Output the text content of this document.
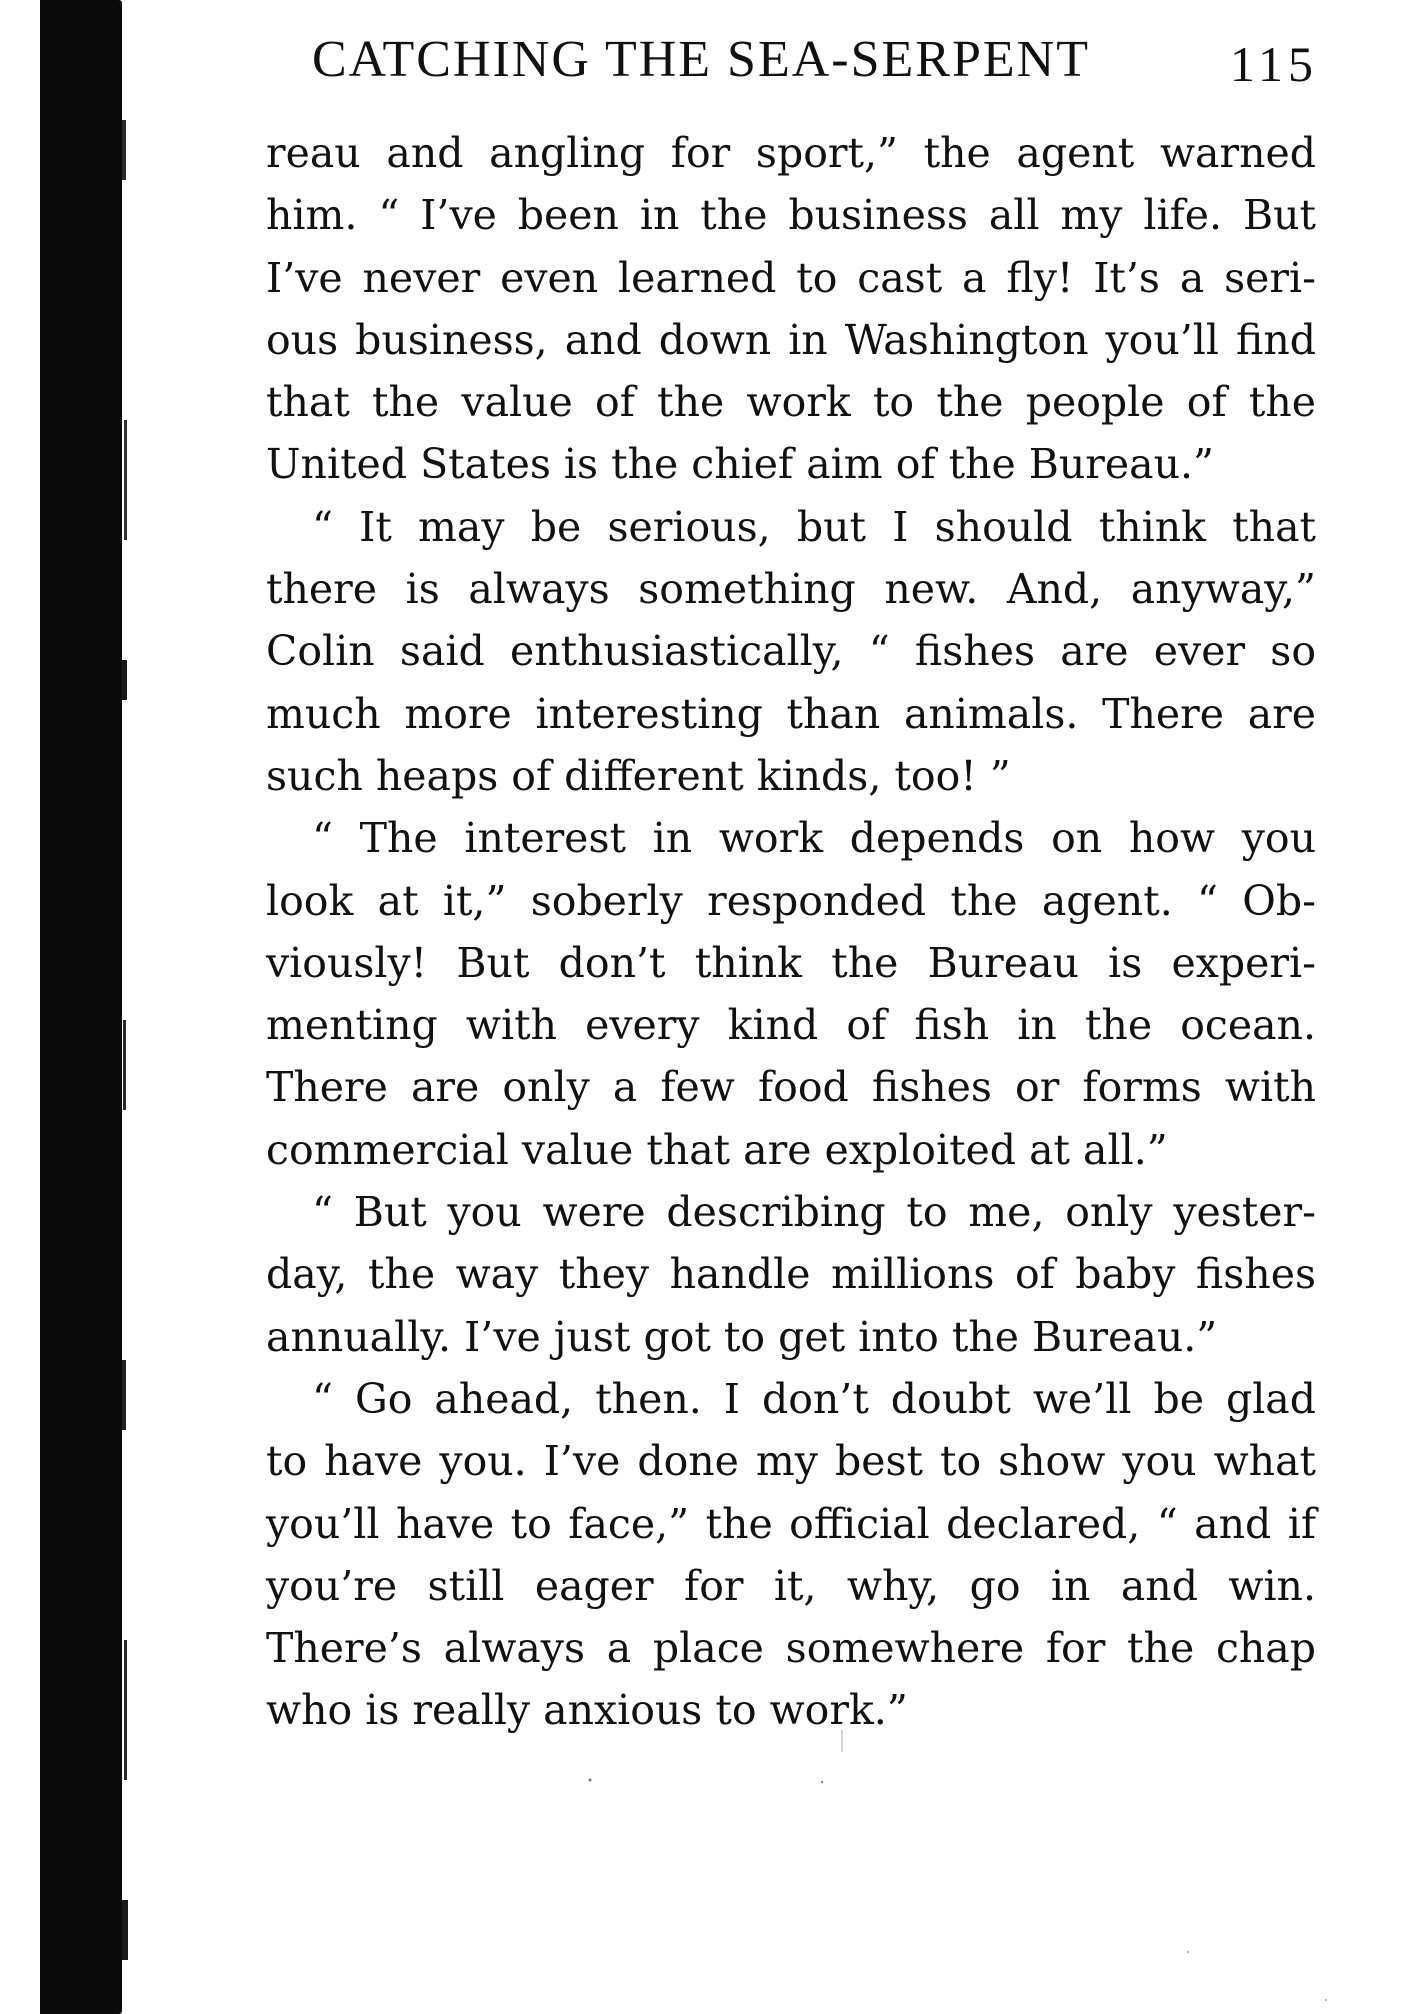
CATCHING THE SEA-SERPENT	115
reau and angling for sport,” the agent warned
him. “ I’ve been in the business all my life. But
I’ve never even learned to cast a fly! It’s a seri-
ous business, and down in Washington you’ll find
that the value of the work to the people of the
United States is the chief aim of the Bureau.”
“ It may be serious, but I should think that
there is always something new. And, anyway,”
Colin said enthusiastically, “ fishes are ever so
much more interesting than animals. There are
such heaps of different kinds, too! ”
“ The interest in work depends on how you
look at it,” soberly responded the agent. “ Ob-
viously! But don’t think the Bureau is experi-
menting with every kind of fish in the ocean.
There are only a few food fishes or forms with
commercial value that are exploited at all.”
“ But you were describing to me, only yester-
day, the way they handle millions of baby fishes
annually. I’ve just got to get into the Bureau.”
“ Go ahead, then. I don’t doubt we’ll be glad
to have you. I’ve done my best to show you what
you’ll have to face,” the official declared, “ and if
you’re still eager for it, why, go in and win.
There’s always a place somewhere for the chap
who is really anxious to work.”
